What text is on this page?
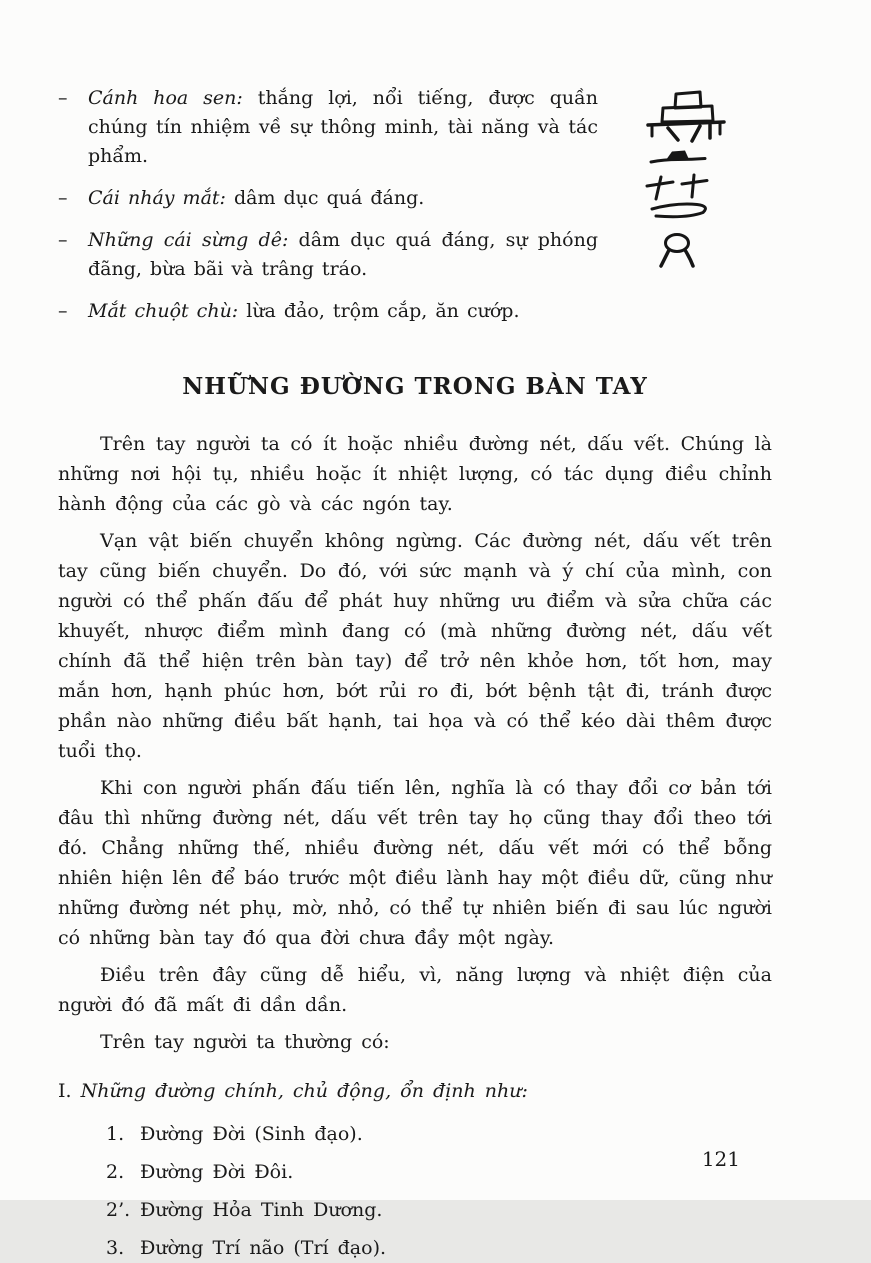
–	Cánh hoa sen: thắng lợi, nổi tiếng, được quần chúng tín nhiệm về sự thông minh, tài năng và tác phẩm.
–	Cái nháy mắt: dâm dục quá đáng.
–	Những cái sừng dê: dâm dục quá đáng, sự phóng đãng, bừa bãi và trâng tráo.
–	Mắt chuột chù: lừa đảo, trộm cắp, ăn cướp.
NHỮNG ĐƯỜNG TRONG BÀN TAY

Trên tay người ta có ít hoặc nhiều đường nét, dấu vết. Chúng là những nơi hội tụ, nhiều hoặc ít nhiệt lượng, có tác dụng điều chỉnh hành động của các gò và các ngón tay.

Vạn vật biến chuyển không ngừng. Các đường nét, dấu vết trên tay cũng biến chuyển. Do đó, với sức mạnh và ý chí của mình, con người có thể phấn đấu để phát huy những ưu điểm và sửa chữa các khuyết, nhược điểm mình đang có (mà những đường nét, dấu vết chính đã thể hiện trên bàn tay) để trở nên khỏe hơn, tốt hơn, may mắn hơn, hạnh phúc hơn, bớt rủi ro đi, bớt bệnh tật đi, tránh được phần nào những điều bất hạnh, tai họa và có thể kéo dài thêm được tuổi thọ.

Khi con người phấn đấu tiến lên, nghĩa là có thay đổi cơ bản tới đâu thì những đường nét, dấu vết trên tay họ cũng thay đổi theo tới đó. Chẳng những thế, nhiều đường nét, dấu vết mới có thể bỗng nhiên hiện lên để báo trước một điều lành hay một điều dữ, cũng như những đường nét phụ, mờ, nhỏ, có thể tự nhiên biến đi sau lúc người có những bàn tay đó qua đời chưa đầy một ngày.

Điều trên đây cũng dễ hiểu, vì, năng lượng và nhiệt điện của người đó đã mất đi dần dần.

Trên tay người ta thường có:

I. Những đường chính, chủ động, ổn định như:
1. Đường Đời (Sinh đạo).
2. Đường Đời Đôi.
2’. Đường Hỏa Tinh Dương.
3. Đường Trí não (Trí đạo).
121
